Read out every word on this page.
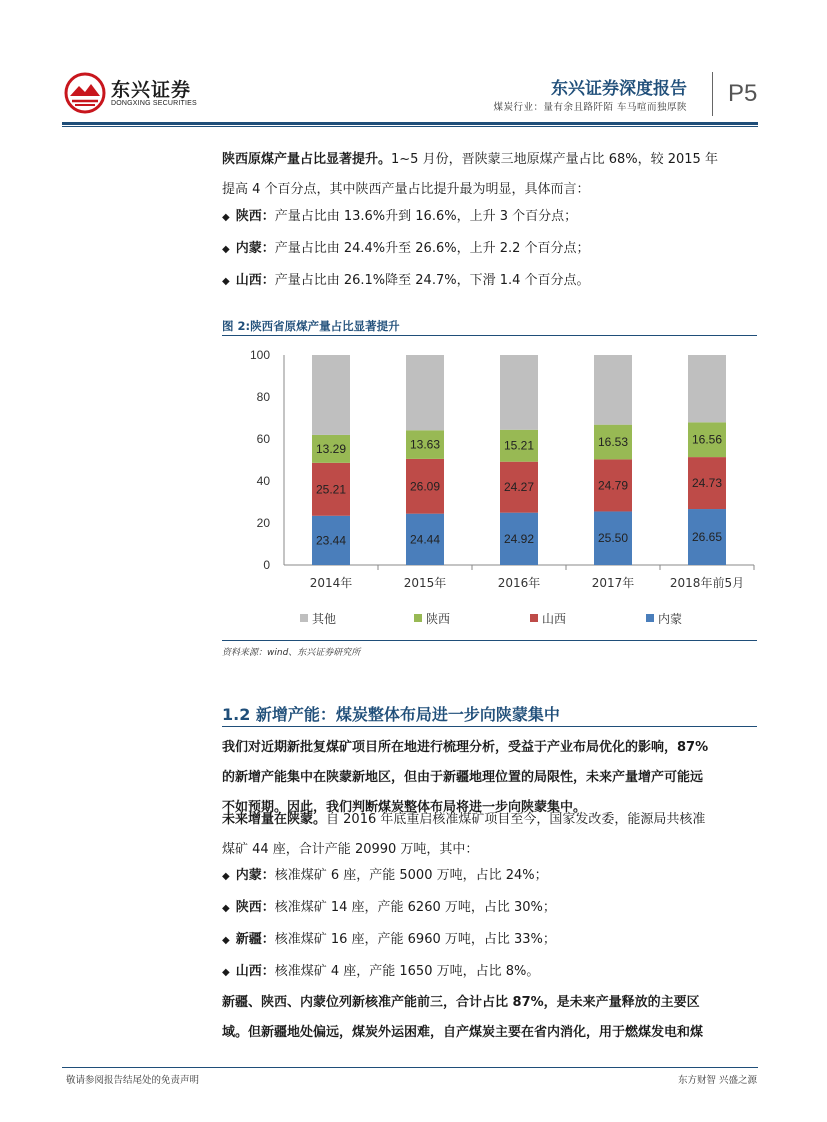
东兴证券
DONGXING SECURITIES
东兴证券深度报告
煤炭行业：量有余且路阡陌 车马喧而独厚陕
P5
陕西原煤产量占比显著提升。1~5 月份，晋陕蒙三地原煤产量占比 68%，较 2015 年
提高 4 个百分点，其中陕西产量占比提升最为明显，具体而言：
◆ 陕西：产量占比由 13.6%升到 16.6%，上升 3 个百分点；
◆ 内蒙：产量占比由 24.4%升至 26.6%，上升 2.2 个百分点；
◆ 山西：产量占比由 26.1%降至 24.7%，下滑 1.4 个百分点。
图 2:陕西省原煤产量占比显著提升
0
20
40
60
80
100
23.44
25.21
13.29
2014年
24.44
26.09
13.63
2015年
24.92
24.27
15.21
2016年
25.50
24.79
16.53
2017年
26.65
24.73
16.56
2018年前5月
其他	陕西	山西	内蒙
资料来源：wind、东兴证券研究所
1.2 新增产能：煤炭整体布局进一步向陕蒙集中
我们对近期新批复煤矿项目所在地进行梳理分析，受益于产业布局优化的影响，87%
的新增产能集中在陕蒙新地区，但由于新疆地理位置的局限性，未来产量增产可能远
不如预期。因此，我们判断煤炭整体布局将进一步向陕蒙集中。
未来增量在陕蒙。自 2016 年底重启核准煤矿项目至今，国家发改委，能源局共核准
煤矿 44 座，合计产能 20990 万吨，其中：
◆ 内蒙：核准煤矿 6 座，产能 5000 万吨，占比 24%；
◆ 陕西：核准煤矿 14 座，产能 6260 万吨，占比 30%；
◆ 新疆：核准煤矿 16 座，产能 6960 万吨，占比 33%；
◆ 山西：核准煤矿 4 座，产能 1650 万吨，占比 8%。
新疆、陕西、内蒙位列新核准产能前三，合计占比 87%，是未来产量释放的主要区
域。但新疆地处偏远，煤炭外运困难，自产煤炭主要在省内消化，用于燃煤发电和煤
敬请参阅报告结尾处的免责声明	东方财智 兴盛之源
